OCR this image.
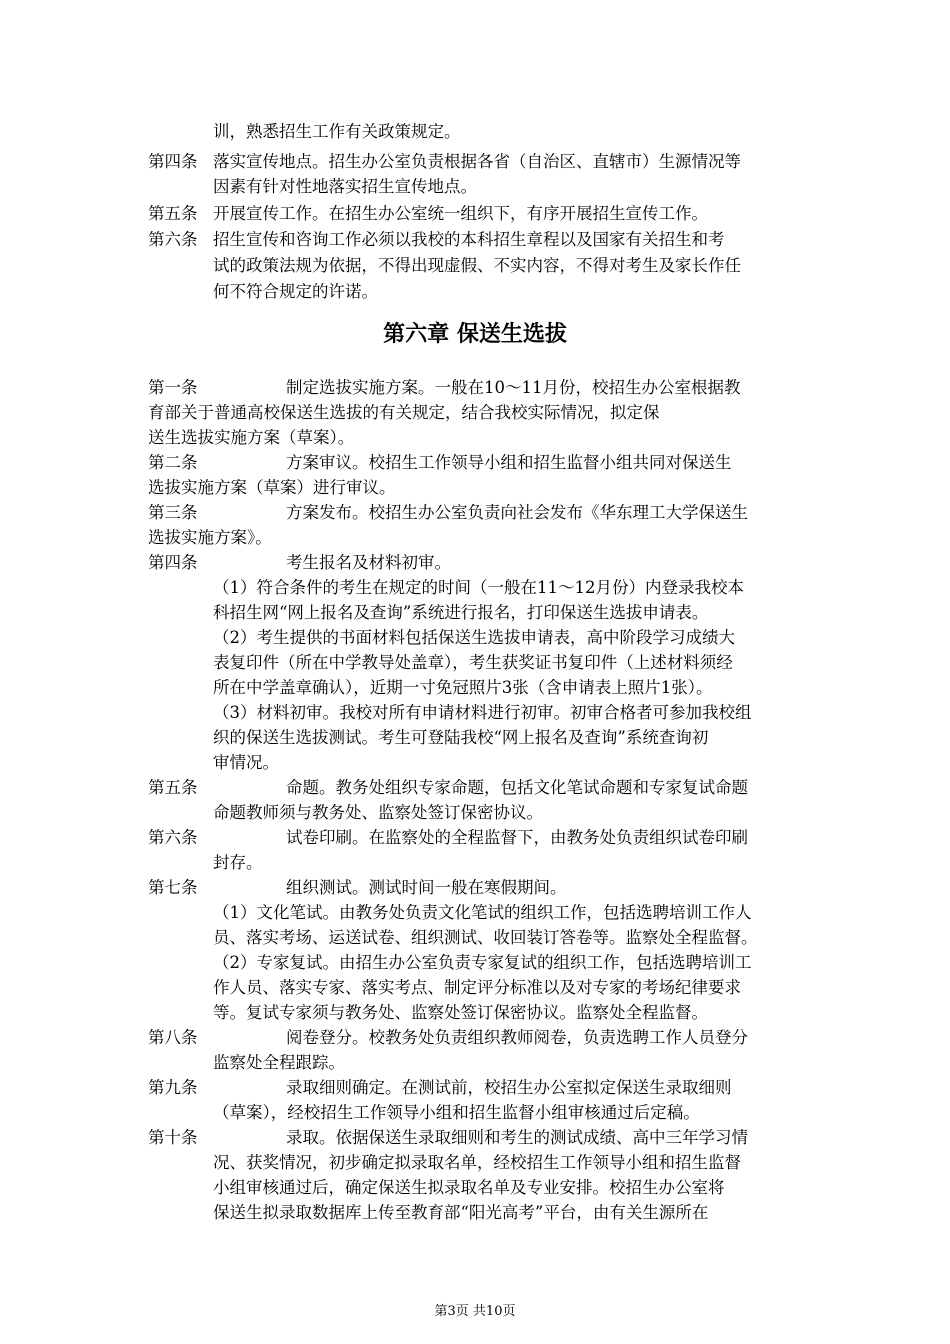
训，熟悉招生工作有关政策规定。
第四条 落实宣传地点。招生办公室负责根据各省（自治区、直辖市）生源情况等
因素有针对性地落实招生宣传地点。
第五条 开展宣传工作。在招生办公室统一组织下，有序开展招生宣传工作。
第六条 招生宣传和咨询工作必须以我校的本科招生章程以及国家有关招生和考
试的政策法规为依据，不得出现虚假、不实内容，不得对考生及家长作任
何不符合规定的许诺。
第六章 保送生选拔
第一条	制定选拔实施方案。一般在10～11月份，校招生办公室根据教
育部关于普通高校保送生选拔的有关规定，结合我校实际情况，拟定保
送生选拔实施方案（草案）。
第二条	方案审议。校招生工作领导小组和招生监督小组共同对保送生
选拔实施方案（草案）进行审议。
第三条	方案发布。校招生办公室负责向社会发布《华东理工大学保送生
选拔实施方案》。
第四条	考生报名及材料初审。
（1）符合条件的考生在规定的时间（一般在11～12月份）内登录我校本
科招生网“网上报名及查询”系统进行报名，打印保送生选拔申请表。
（2）考生提供的书面材料包括保送生选拔申请表，高中阶段学习成绩大
表复印件（所在中学教导处盖章），考生获奖证书复印件（上述材料须经
所在中学盖章确认），近期一寸免冠照片3张（含申请表上照片1张）。
（3）材料初审。我校对所有申请材料进行初审。初审合格者可参加我校组
织的保送生选拔测试。考生可登陆我校“网上报名及查询”系统查询初
审情况。
第五条	命题。教务处组织专家命题，包括文化笔试命题和专家复试命题
命题教师须与教务处、监察处签订保密协议。
第六条	试卷印刷。在监察处的全程监督下，由教务处负责组织试卷印刷
封存。
第七条	组织测试。测试时间一般在寒假期间。
（1）文化笔试。由教务处负责文化笔试的组织工作，包括选聘培训工作人
员、落实考场、运送试卷、组织测试、收回装订答卷等。监察处全程监督。
（2）专家复试。由招生办公室负责专家复试的组织工作，包括选聘培训工
作人员、落实专家、落实考点、制定评分标准以及对专家的考场纪律要求
等。复试专家须与教务处、监察处签订保密协议。监察处全程监督。
第八条	阅卷登分。校教务处负责组织教师阅卷，负责选聘工作人员登分
监察处全程跟踪。
第九条	录取细则确定。在测试前，校招生办公室拟定保送生录取细则
（草案），经校招生工作领导小组和招生监督小组审核通过后定稿。
第十条	录取。依据保送生录取细则和考生的测试成绩、高中三年学习情
况、获奖情况，初步确定拟录取名单，经校招生工作领导小组和招生监督
小组审核通过后，确定保送生拟录取名单及专业安排。校招生办公室将
保送生拟录取数据库上传至教育部“阳光高考”平台，由有关生源所在
第3页 共10页
